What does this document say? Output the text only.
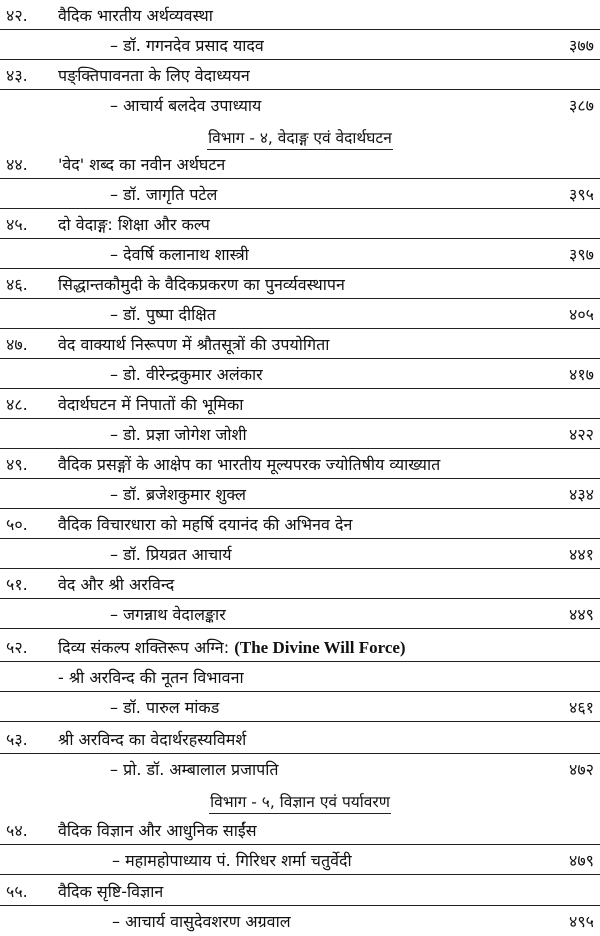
४२. वैदिक भारतीय अर्थव्यवस्था
– डॉ. गगनदेव प्रसाद यादव	३७७
४३. पङ्क्तिपावनता के लिए वेदाध्ययन
– आचार्य बलदेव उपाध्याय	३८७
विभाग - ४, वेदाङ्ग एवं वेदार्थघटन
४४. 'वेद' शब्द का नवीन अर्थघटन
– डॉ. जागृति पटेल	३९५
४५. दो वेदाङ्ग: शिक्षा और कल्प
– देवर्षि कलानाथ शास्त्री	३९७
४६. सिद्धान्तकौमुदी के वैदिकप्रकरण का पुनर्व्यवस्थापन
– डॉ. पुष्पा दीक्षित	४०५
४७. वेद वाक्यार्थ निरूपण में श्रौतसूत्रों की उपयोगिता
– डो. वीरेन्द्रकुमार अलंकार	४१७
४८. वेदार्थघटन में निपातों की भूमिका
– डो. प्रज्ञा जोगेश जोशी	४२२
४९. वैदिक प्रसङ्गों के आक्षेप का भारतीय मूल्यपरक ज्योतिषीय व्याख्यात
– डॉ. ब्रजेशकुमार शुक्ल	४३४
५०. वैदिक विचारधारा को महर्षि दयानंद की अभिनव देन
– डॉ. प्रियव्रत आचार्य	४४१
५१. वेद और श्री अरविन्द
– जगन्नाथ वेदालङ्कार	४४९
५२. दिव्य संकल्प शक्तिरूप अग्नि: (The Divine Will Force)
- श्री अरविन्द की नूतन विभावना
– डॉ. पारुल मांकड	४६१
५३. श्री अरविन्द का वेदार्थरहस्यविमर्श
– प्रो. डॉ. अम्बालाल प्रजापति	४७२
विभाग - ५, विज्ञान एवं पर्यावरण
५४. वैदिक विज्ञान और आधुनिक साईंस
– महामहोपाध्याय पं. गिरिधर शर्मा चतुर्वेदी	४७९
५५. वैदिक सृष्टि-विज्ञान
– आचार्य वासुदेवशरण अग्रवाल	४९५
